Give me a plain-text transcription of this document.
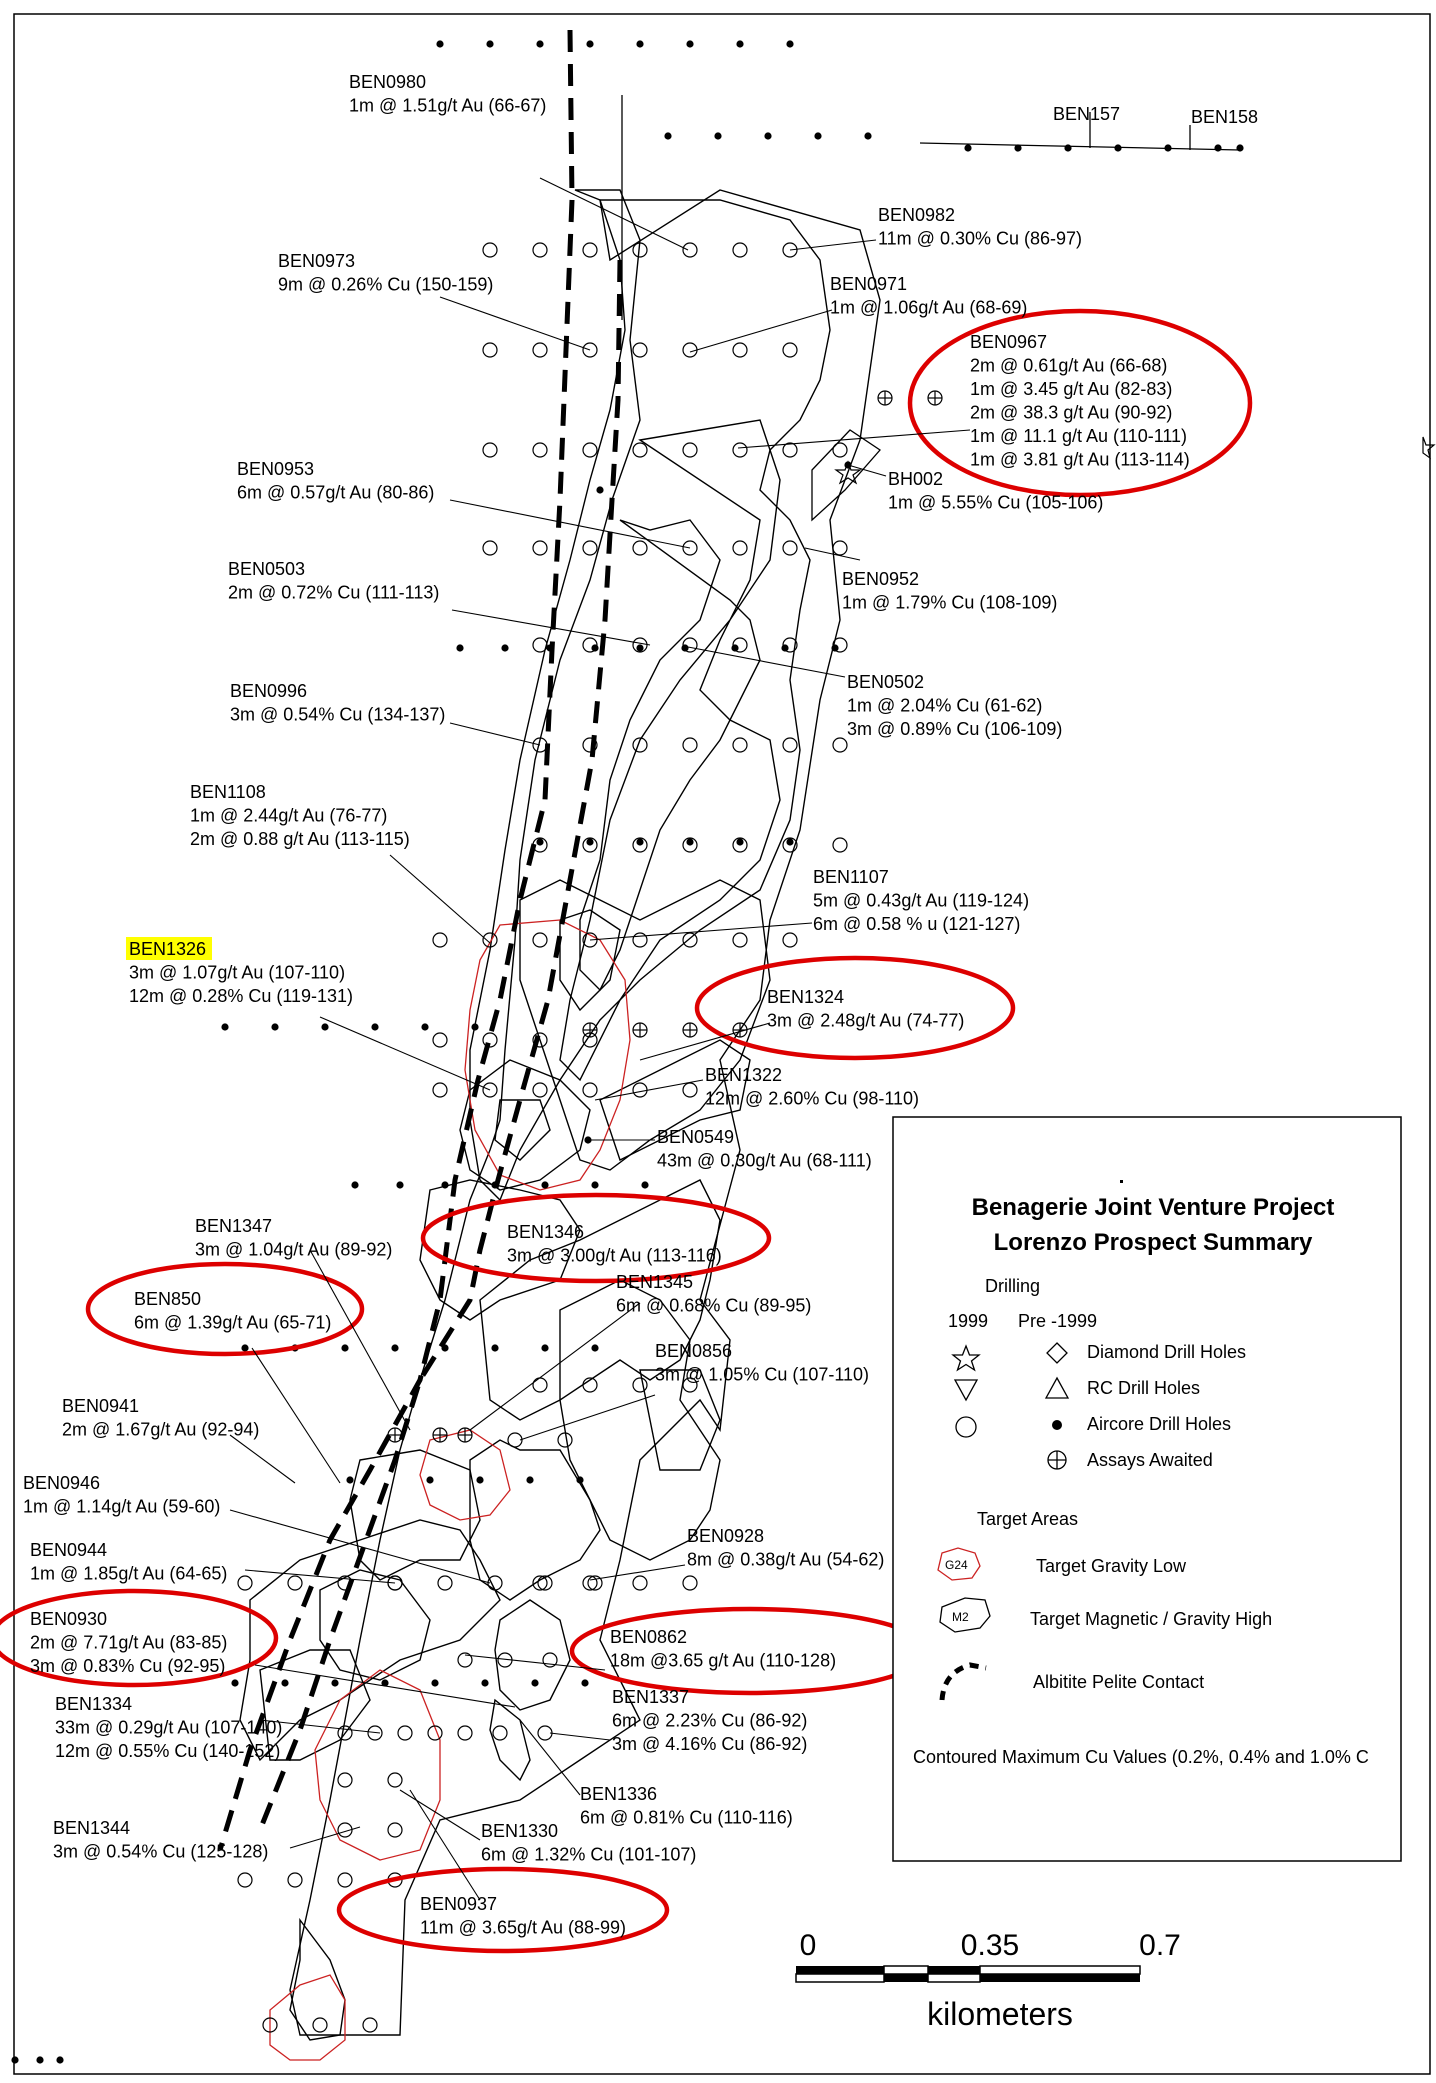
BEN0980
1m @ 1.51g/t Au (66-67)	BEN157	BEN158
BEN0982
11m @ 0.30% Cu (86-97)
BEN0973
9m @ 0.26% Cu (150-159)	BEN0971
1m @ 1.06g/t Au (68-69)
BEN0967
2m @ 0.61g/t Au (66-68)
1m @ 3.45 g/t Au (82-83)
2m @ 38.3 g/t Au (90-92)
1m @ 11.1 g/t Au (110-111)
1m @ 3.81 g/t Au (113-114)
BEN0953
6m @ 0.57g/t Au (80-86)
BH002
1m @ 5.55% Cu (105-106)
BEN0503
2m @ 0.72% Cu (111-113)
BEN0952
1m @ 1.79% Cu (108-109)
BEN0502
1m @ 2.04% Cu (61-62)
3m @ 0.89% Cu (106-109)
BEN0996
3m @ 0.54% Cu (134-137)
BEN1108
1m @ 2.44g/t Au (76-77)
2m @ 0.88 g/t Au (113-115)
BEN1107
5m @ 0.43g/t Au (119-124)
6m @ 0.58 % u (121-127)
BEN1326
3m @ 1.07g/t Au (107-110)
12m @ 0.28% Cu (119-131)	BEN1324
3m @ 2.48g/t Au (74-77)
BEN1322
12m @ 2.60% Cu (98-110)
BEN0549
43m @ 0.30g/t Au (68-111)
BEN1347
3m @ 1.04g/t Au (89-92)
BEN1346
3m @ 3.00g/t Au (113-116)
BEN850
6m @ 1.39g/t Au (65-71)
BEN1345
6m @ 0.68% Cu (89-95)
BEN0856
3m @ 1.05% Cu (107-110)
BEN0941
2m @ 1.67g/t Au (92-94)
BEN0946
1m @ 1.14g/t Au (59-60)
BEN0928
8m @ 0.38g/t Au (54-62)
BEN0944
1m @ 1.85g/t Au (64-65)
BEN0930
2m @ 7.71g/t Au (83-85)
3m @ 0.83% Cu (92-95)
BEN0862
18m @3.65 g/t Au (110-128)
BEN1334
33m @ 0.29g/t Au (107-140)
12m @ 0.55% Cu (140-152)
BEN1337
6m @ 2.23% Cu (86-92)
3m @ 4.16% Cu (86-92)
BEN1336
6m @ 0.81% Cu (110-116)
BEN1344
3m @ 0.54% Cu (125-128)
BEN1330
6m @ 1.32% Cu (101-107)
BEN0937
11m @ 3.65g/t Au (88-99)
Benagerie Joint Venture Project
Lorenzo Prospect Summary
Drilling
1999 Pre -1999
Diamond Drill Holes
RC Drill Holes
Aircore Drill Holes
Assays Awaited
Target Areas
G24	Target Gravity Low
M2	Target Magnetic / Gravity High
Albitite Pelite Contact
Contoured Maximum Cu Values (0.2%, 0.4% and 1.0% C
0	0.35	0.7
kilometers
